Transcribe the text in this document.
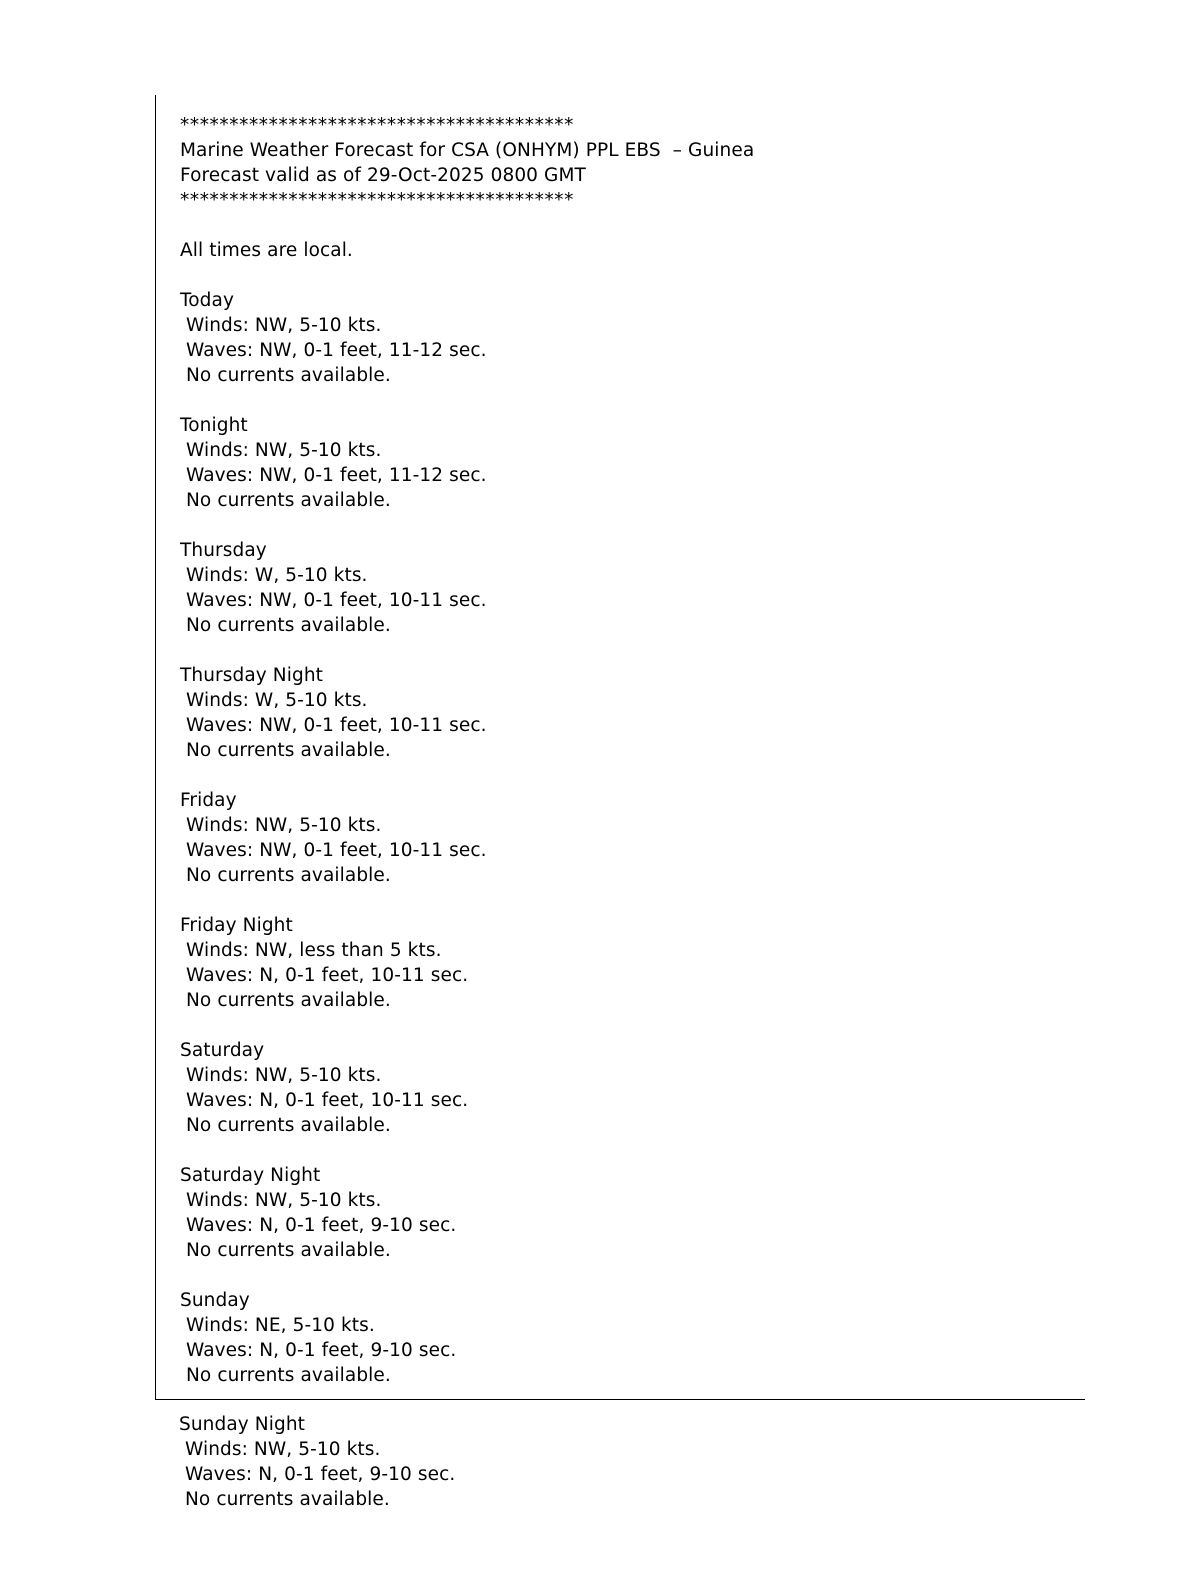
****************************************
Marine Weather Forecast for CSA (ONHYM) PPL EBS  – Guinea
Forecast valid as of 29-Oct-2025 0800 GMT
****************************************

All times are local.

Today
Winds: NW, 5-10 kts.
Waves: NW, 0-1 feet, 11-12 sec.
No currents available.

Tonight
Winds: NW, 5-10 kts.
Waves: NW, 0-1 feet, 11-12 sec.
No currents available.

Thursday
Winds: W, 5-10 kts.
Waves: NW, 0-1 feet, 10-11 sec.
No currents available.

Thursday Night
Winds: W, 5-10 kts.
Waves: NW, 0-1 feet, 10-11 sec.
No currents available.

Friday
Winds: NW, 5-10 kts.
Waves: NW, 0-1 feet, 10-11 sec.
No currents available.

Friday Night
Winds: NW, less than 5 kts.
Waves: N, 0-1 feet, 10-11 sec.
No currents available.

Saturday
Winds: NW, 5-10 kts.
Waves: N, 0-1 feet, 10-11 sec.
No currents available.

Saturday Night
Winds: NW, 5-10 kts.
Waves: N, 0-1 feet, 9-10 sec.
No currents available.

Sunday
Winds: NE, 5-10 kts.
Waves: N, 0-1 feet, 9-10 sec.
No currents available.
Sunday Night
Winds: NW, 5-10 kts.
Waves: N, 0-1 feet, 9-10 sec.
No currents available.
